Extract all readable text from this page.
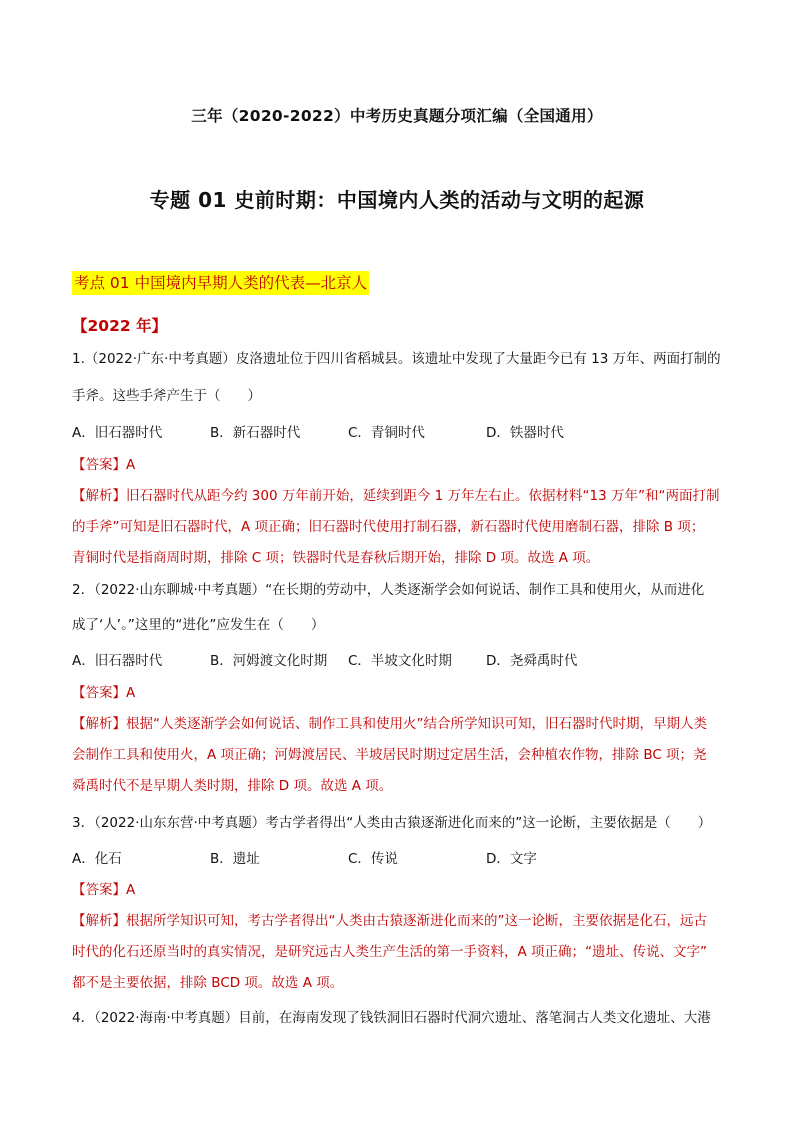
三年（2020-2022）中考历史真题分项汇编（全国通用）
专题 01 史前时期：中国境内人类的活动与文明的起源
考点 01 中国境内早期人类的代表—北京人
【2022 年】
1.（2022·广东·中考真题）皮洛遗址位于四川省稻城县。该遗址中发现了大量距今已有 13 万年、两面打制的
手斧。这些手斧产生于（　　）
A．旧石器时代	B．新石器时代	C．青铜时代	D．铁器时代
【答案】A
【解析】旧石器时代从距今约 300 万年前开始，延续到距今 1 万年左右止。依据材料“13 万年”和“两面打制
的手斧”可知是旧石器时代，A 项正确；旧石器时代使用打制石器，新石器时代使用磨制石器，排除 B 项；
青铜时代是指商周时期，排除 C 项；铁器时代是春秋后期开始，排除 D 项。故选 A 项。
2．（2022·山东聊城·中考真题）“在长期的劳动中，人类逐渐学会如何说话、制作工具和使用火，从而进化
成了‘人’。”这里的“进化”应发生在（　　）
A．旧石器时代	B．河姆渡文化时期 C．半坡文化时期	D．尧舜禹时代
【答案】A
【解析】根据“人类逐渐学会如何说话、制作工具和使用火”结合所学知识可知，旧石器时代时期，早期人类
会制作工具和使用火，A 项正确；河姆渡居民、半坡居民时期过定居生活，会种植农作物，排除 BC 项；尧
舜禹时代不是早期人类时期，排除 D 项。故选 A 项。
3．（2022·山东东营·中考真题）考古学者得出“人类由古猿逐渐进化而来的”这一论断，主要依据是（　　）
A．化石	B．遗址	C．传说	D．文字
【答案】A
【解析】根据所学知识可知，考古学者得出“人类由古猿逐渐进化而来的”这一论断，主要依据是化石，远古
时代的化石还原当时的真实情况，是研究远古人类生产生活的第一手资料，A 项正确；“遗址、传说、文字”
都不是主要依据，排除 BCD 项。故选 A 项。
4．（2022·海南·中考真题）目前，在海南发现了钱铁洞旧石器时代洞穴遗址、落笔洞古人类文化遗址、大港
